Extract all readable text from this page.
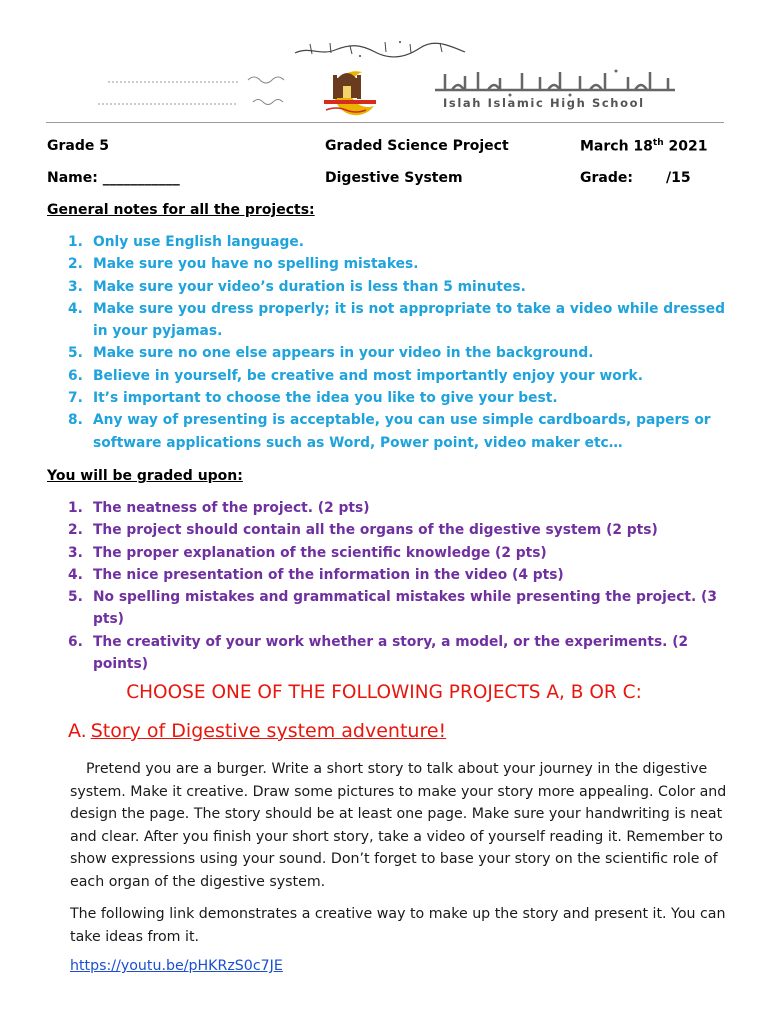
Islah Islamic High School
Grade 5	Graded Science Project	March 18th 2021
Name: ___________	Digestive System	Grade: /15
General notes for all the projects:
1. Only use English language.
2. Make sure you have no spelling mistakes.
3. Make sure your video’s duration is less than 5 minutes.
4. Make sure you dress properly; it is not appropriate to take a video while dressed in your pyjamas.
5. Make sure no one else appears in your video in the background.
6. Believe in yourself, be creative and most importantly enjoy your work.
7. It’s important to choose the idea you like to give your best.
8. Any way of presenting is acceptable, you can use simple cardboards, papers or software applications such as Word, Power point, video maker etc…
You will be graded upon:
1. The neatness of the project. (2 pts)
2. The project should contain all the organs of the digestive system (2 pts)
3. The proper explanation of the scientific knowledge (2 pts)
4. The nice presentation of the information in the video (4 pts)
5. No spelling mistakes and grammatical mistakes while presenting the project. (3 pts)
6. The creativity of your work whether a story, a model, or the experiments. (2 points)
CHOOSE ONE OF THE FOLLOWING PROJECTS A, B OR C:
A. Story of Digestive system adventure!
Pretend you are a burger. Write a short story to talk about your journey in the digestive system. Make it creative. Draw some pictures to make your story more appealing. Color and design the page. The story should be at least one page. Make sure your handwriting is neat and clear. After you finish your short story, take a video of yourself reading it. Remember to show expressions using your sound. Don’t forget to base your story on the scientific role of each organ of the digestive system.
The following link demonstrates a creative way to make up the story and present it. You can take ideas from it.
https://youtu.be/pHKRzS0c7JE
